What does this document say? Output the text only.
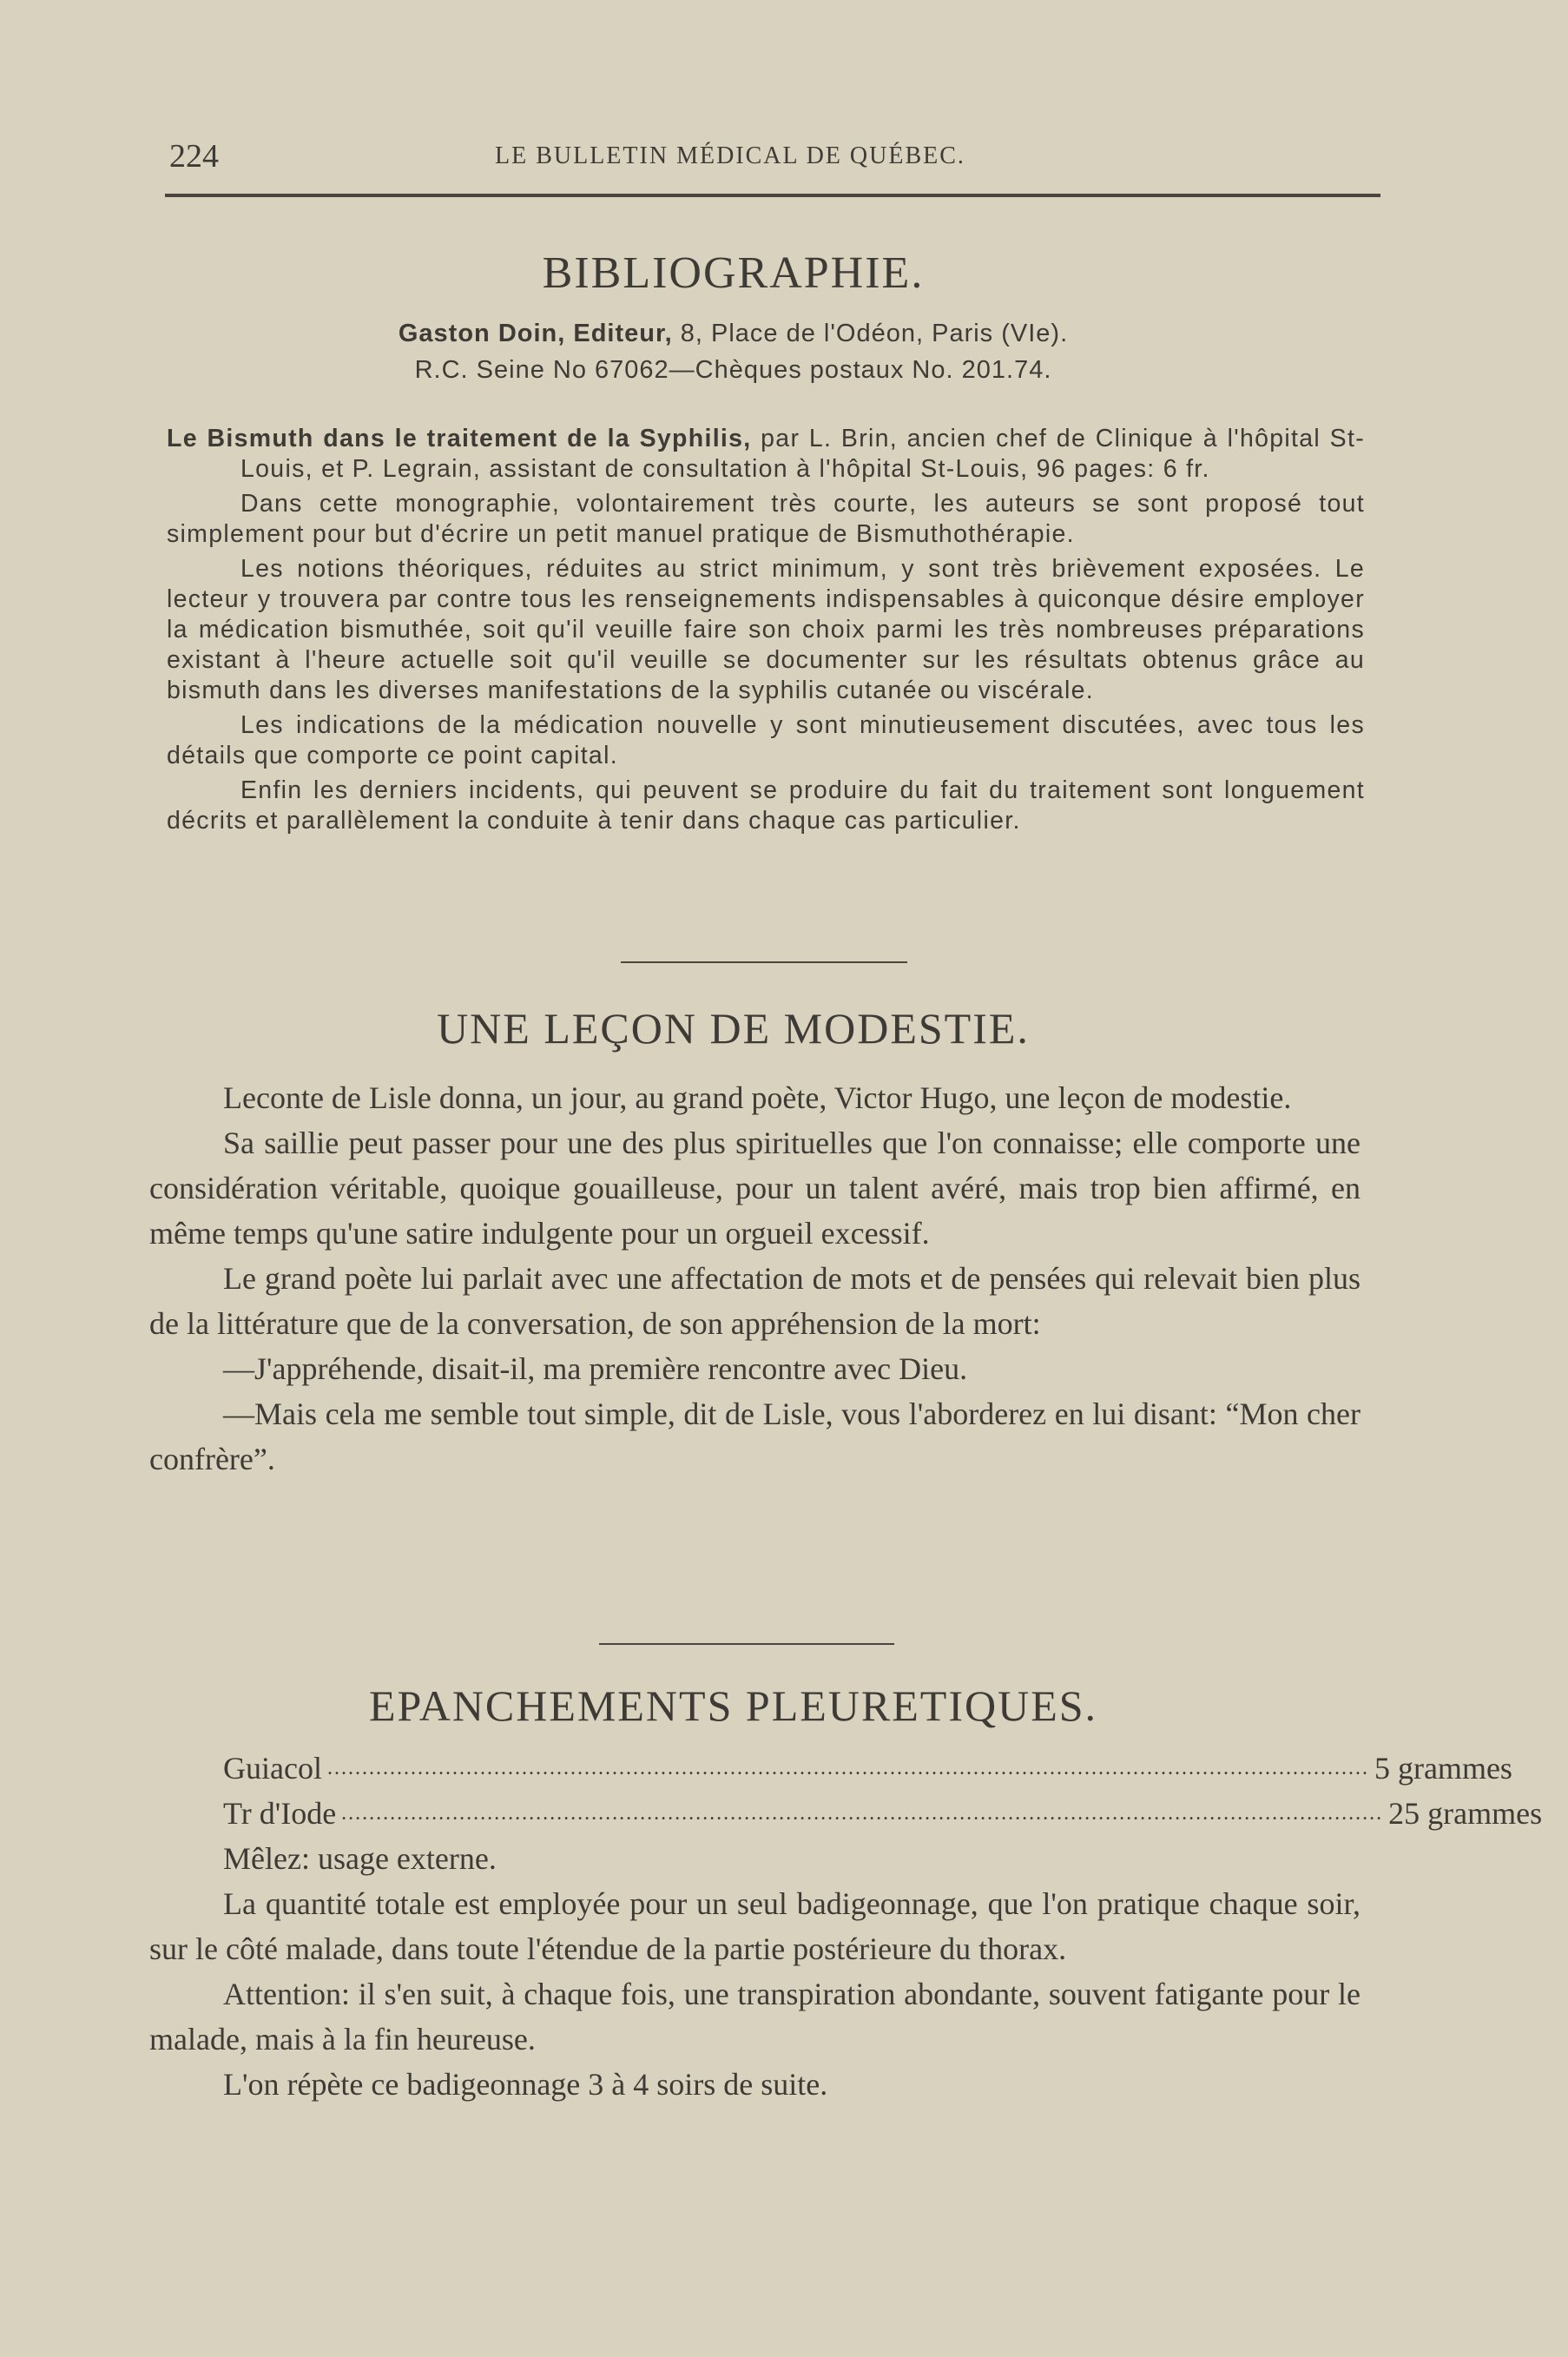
224	LE BULLETIN MÉDICAL DE QUÉBEC.
BIBLIOGRAPHIE.
Gaston Doin, Editeur, 8, Place de l'Odéon, Paris (VIe).
R.C. Seine No 67062—Chèques postaux No. 201.74.

Le Bismuth dans le traitement de la Syphilis, par L. Brin, ancien chef de Clinique à l'hôpital St-Louis, et P. Legrain, assistant de consultation à l'hôpital St-Louis, 96 pages: 6 fr.

Dans cette monographie, volontairement très courte, les auteurs se sont proposé tout simplement pour but d'écrire un petit manuel pratique de Bismuthothérapie.

Les notions théoriques, réduites au strict minimum, y sont très brièvement exposées. Le lecteur y trouvera par contre tous les renseignements indispensables à quiconque désire employer la médication bismuthée, soit qu'il veuille faire son choix parmi les très nombreuses préparations existant à l'heure actuelle soit qu'il veuille se documenter sur les résultats obtenus grâce au bismuth dans les diverses manifestations de la syphilis cutanée ou viscérale.

Les indications de la médication nouvelle y sont minutieusement discutées, avec tous les détails que comporte ce point capital.

Enfin les derniers incidents, qui peuvent se produire du fait du traitement sont longuement décrits et parallèlement la conduite à tenir dans chaque cas particulier.

UNE LEÇON DE MODESTIE.

Leconte de Lisle donna, un jour, au grand poète, Victor Hugo, une leçon de modestie.

Sa saillie peut passer pour une des plus spirituelles que l'on connaisse; elle comporte une considération véritable, quoique gouailleuse, pour un talent avéré, mais trop bien affirmé, en même temps qu'une satire indulgente pour un orgueil excessif.

Le grand poète lui parlait avec une affectation de mots et de pensées qui relevait bien plus de la littérature que de la conversation, de son appréhension de la mort:

—J'appréhende, disait-il, ma première rencontre avec Dieu.

—Mais cela me semble tout simple, dit de Lisle, vous l'aborderez en lui disant: “Mon cher confrère”.

EPANCHEMENTS PLEURETIQUES.
Guiacol ...................................................................................................................................................... 5 grammes
Tr d'Iode ...................................................................................................................................................... 25 grammes

Mêlez: usage externe.

La quantité totale est employée pour un seul badigeonnage, que l'on pratique chaque soir, sur le côté malade, dans toute l'étendue de la partie postérieure du thorax.

Attention: il s'en suit, à chaque fois, une transpiration abondante, souvent fatigante pour le malade, mais à la fin heureuse.

L'on répète ce badigeonnage 3 à 4 soirs de suite.
